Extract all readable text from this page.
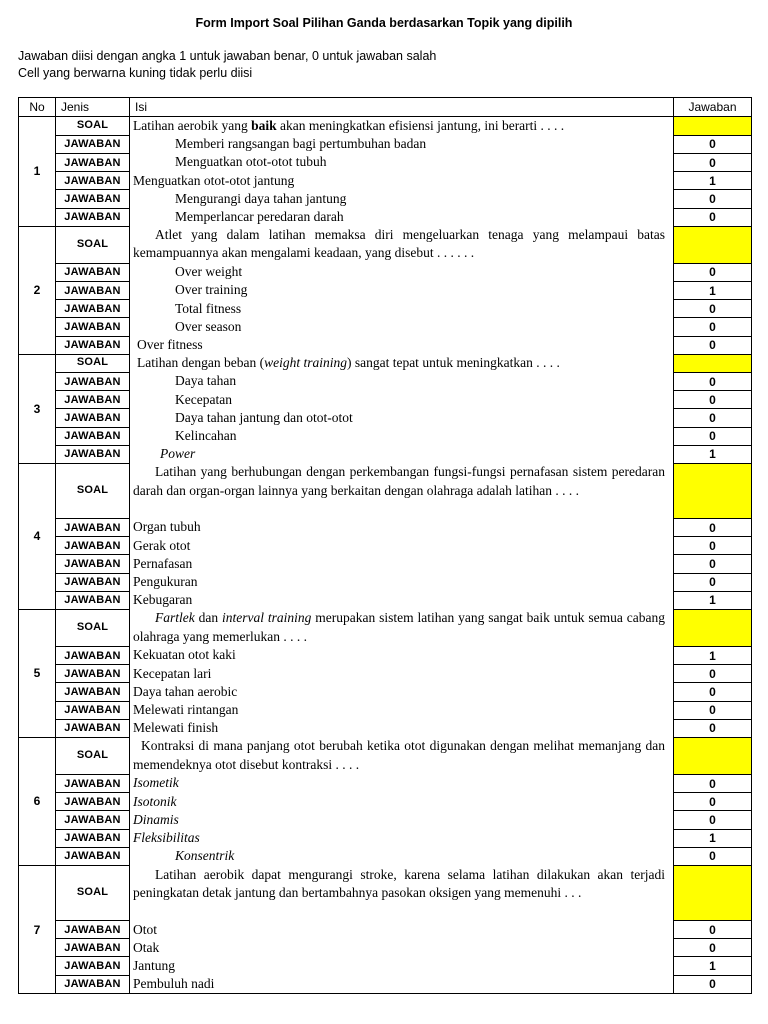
Form Import Soal Pilihan Ganda berdasarkan Topik yang dipilih
Jawaban diisi dengan angka 1 untuk jawaban benar, 0 untuk jawaban salah
Cell yang berwarna kuning tidak perlu diisi
No	Jenis	Isi	Jawaban
1	SOAL	Latihan aerobik yang baik akan meningkatkan efisiensi jantung, ini berarti . . . .	
	JAWABAN	Memberi rangsangan bagi pertumbuhan badan	0
	JAWABAN	Menguatkan otot-otot tubuh	0
	JAWABAN	Menguatkan otot-otot jantung	1
	JAWABAN	Mengurangi daya tahan jantung	0
	JAWABAN	Memperlancar peredaran darah	0
2	SOAL	Atlet yang dalam latihan memaksa diri mengeluarkan tenaga yang melampaui batas kemampuannya akan mengalami keadaan, yang disebut . . . . . .	
	JAWABAN	Over weight	0
	JAWABAN	Over training	1
	JAWABAN	Total fitness	0
	JAWABAN	Over season	0
	JAWABAN	Over fitness	0
3	SOAL	Latihan dengan beban (weight training) sangat tepat untuk meningkatkan . . . .	
	JAWABAN	Daya tahan	0
	JAWABAN	Kecepatan	0
	JAWABAN	Daya tahan jantung dan otot-otot	0
	JAWABAN	Kelincahan	0
	JAWABAN	Power	1
4	SOAL	Latihan yang berhubungan dengan perkembangan fungsi-fungsi pernafasan sistem peredaran darah dan organ-organ lainnya yang berkaitan dengan olahraga adalah latihan . . . .	
	JAWABAN	Organ tubuh	0
	JAWABAN	Gerak otot	0
	JAWABAN	Pernafasan	0
	JAWABAN	Pengukuran	0
	JAWABAN	Kebugaran	1
5	SOAL	Fartlek dan interval training merupakan sistem latihan yang sangat baik untuk semua cabang olahraga yang memerlukan . . . .	
	JAWABAN	Kekuatan otot kaki	1
	JAWABAN	Kecepatan lari	0
	JAWABAN	Daya tahan aerobic	0
	JAWABAN	Melewati rintangan	0
	JAWABAN	Melewati finish	0
6	SOAL	Kontraksi di mana panjang otot berubah ketika otot digunakan dengan melihat memanjang dan memendeknya otot disebut kontraksi . . . .	
	JAWABAN	Isometik	0
	JAWABAN	Isotonik	0
	JAWABAN	Dinamis	0
	JAWABAN	Fleksibilitas	1
	JAWABAN	Konsentrik	0
7	SOAL	Latihan aerobik dapat mengurangi stroke, karena selama latihan dilakukan akan terjadi peningkatan detak jantung dan bertambahnya pasokan oksigen yang memenuhi . . .	
	JAWABAN	Otot	0
	JAWABAN	Otak	0
	JAWABAN	Jantung	1
	JAWABAN	Pembuluh nadi	0
